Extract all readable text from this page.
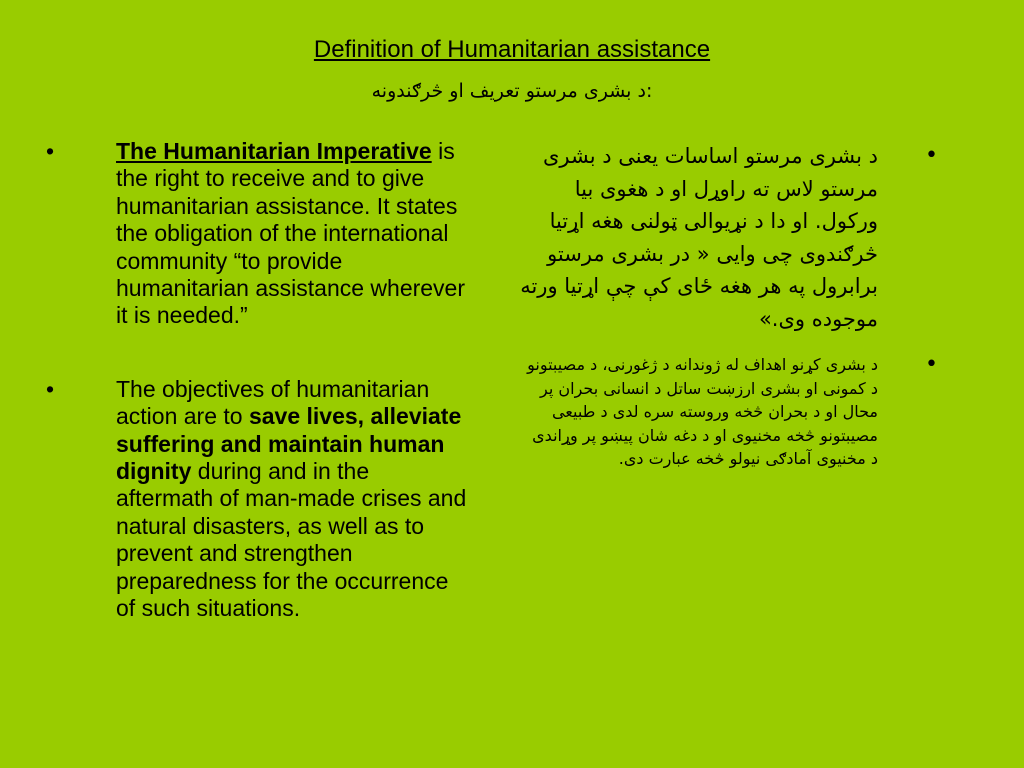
Definition of Humanitarian assistance
د بشری مرستو تعریف او څرګندونه:
•	The Humanitarian Imperative is the right to receive and to give humanitarian assistance. It states the obligation of the international community “to provide humanitarian assistance wherever it is needed.”
•	The objectives of humanitarian action are to save lives, alleviate suffering and maintain human dignity during and in the aftermath of man-made crises and natural disasters, as well as to prevent and strengthen preparedness for the occurrence of such situations.
•
د بشری مرستو اساسات یعنی د بشری مرستو لاس ته راوړل او د هغوی بیا ورکول. او دا د نړیوالی ټولنی هغه اړتیا څرګندوی چی وایی « در بشری مرستو برابرول په هر هغه ځای کې چې اړتیا ورته موجوده وی.»
•
د بشری کړنو اهداف له ژوندانه د ژغورنی، د مصیبتونو د کمونی او بشری ارزښت ساتل د انسانی بحران پر محال او د بحران څخه وروسته سره لدی د طبیعی مصیبتونو څخه مخنیوی او د دغه شان پیښو پر وړاندی د مخنیوی آمادګی نیولو څخه عبارت دی.
